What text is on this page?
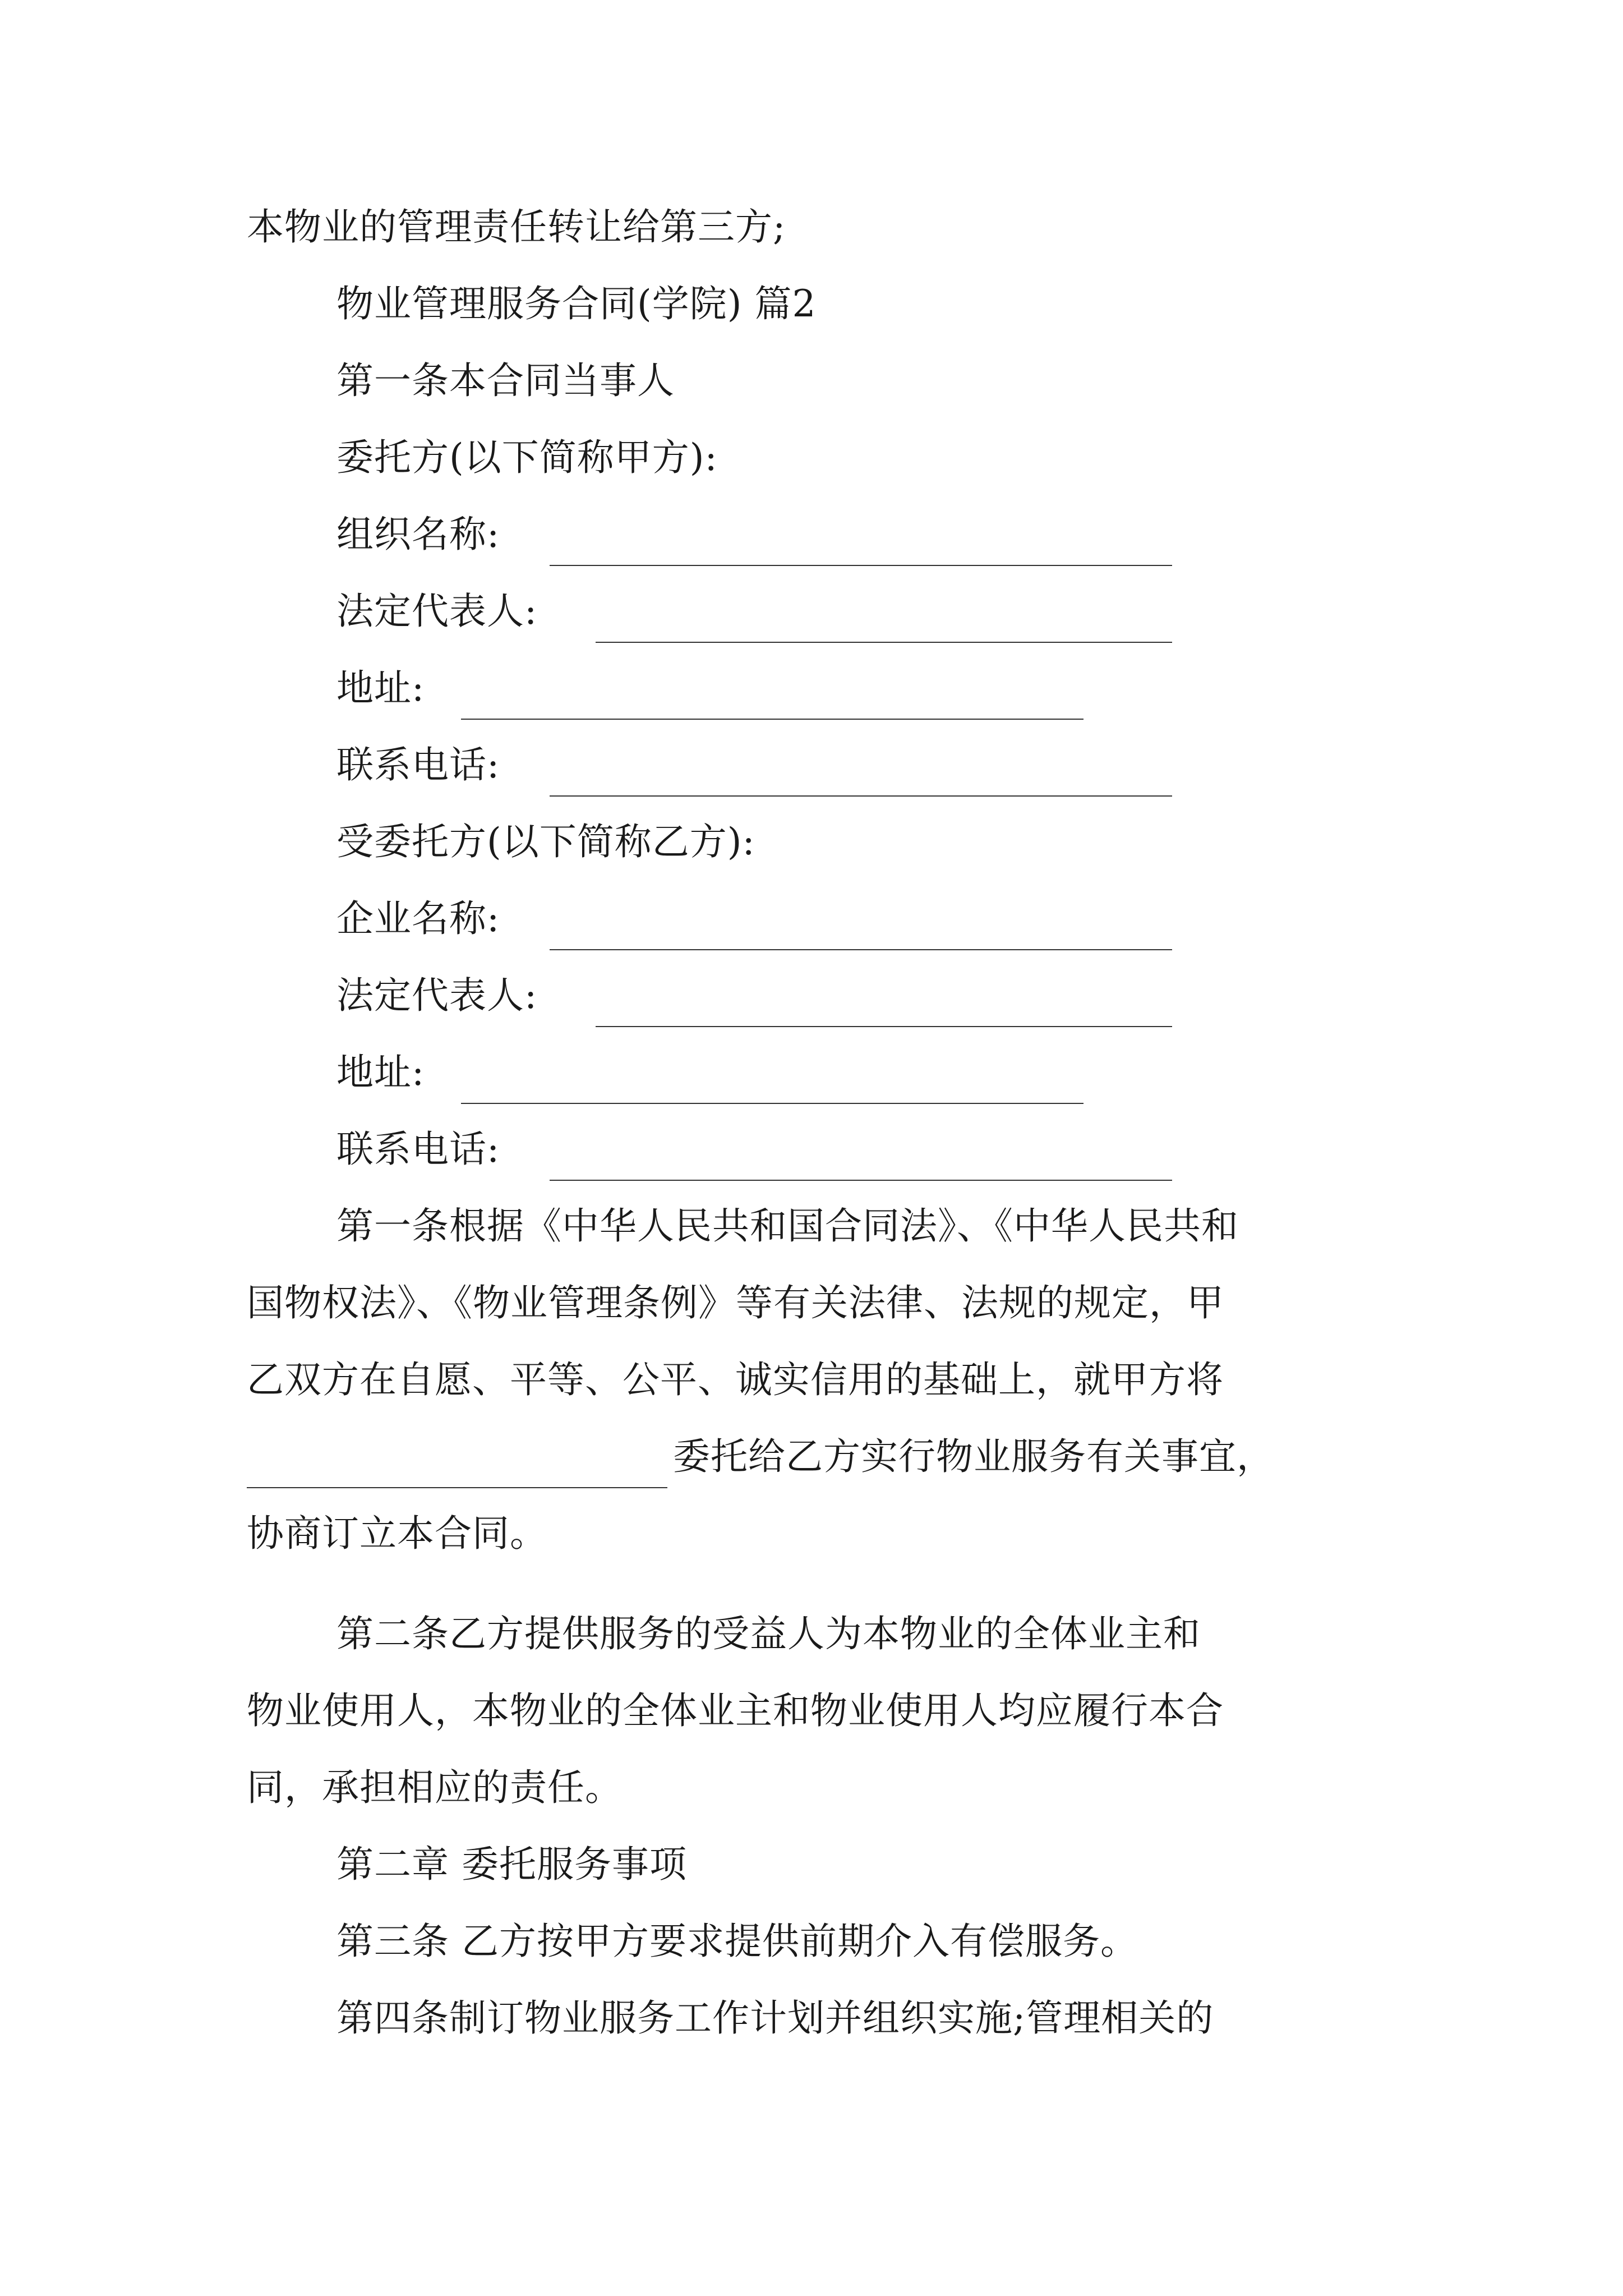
本物业的管理责任转让给第三方;
物业管理服务合同(学院) 篇2
第一条本合同当事人
委托方(以下简称甲方):
组织名称:
法定代表人:
地址:
联系电话:
受委托方(以下简称乙方):
企业名称:
法定代表人:
地址:
联系电话:
第一条根据《中华人民共和国合同法》、《中华人民共和
国物权法》、《物业管理条例》等有关法律、法规的规定，甲
乙双方在自愿、平等、公平、诚实信用的基础上，就甲方将
委托给乙方实行物业服务有关事宜，
协商订立本合同。
第二条乙方提供服务的受益人为本物业的全体业主和
物业使用人，本物业的全体业主和物业使用人均应履行本合
同，承担相应的责任。
第二章 委托服务事项
第三条 乙方按甲方要求提供前期介入有偿服务。
第四条制订物业服务工作计划并组织实施;管理相关的
